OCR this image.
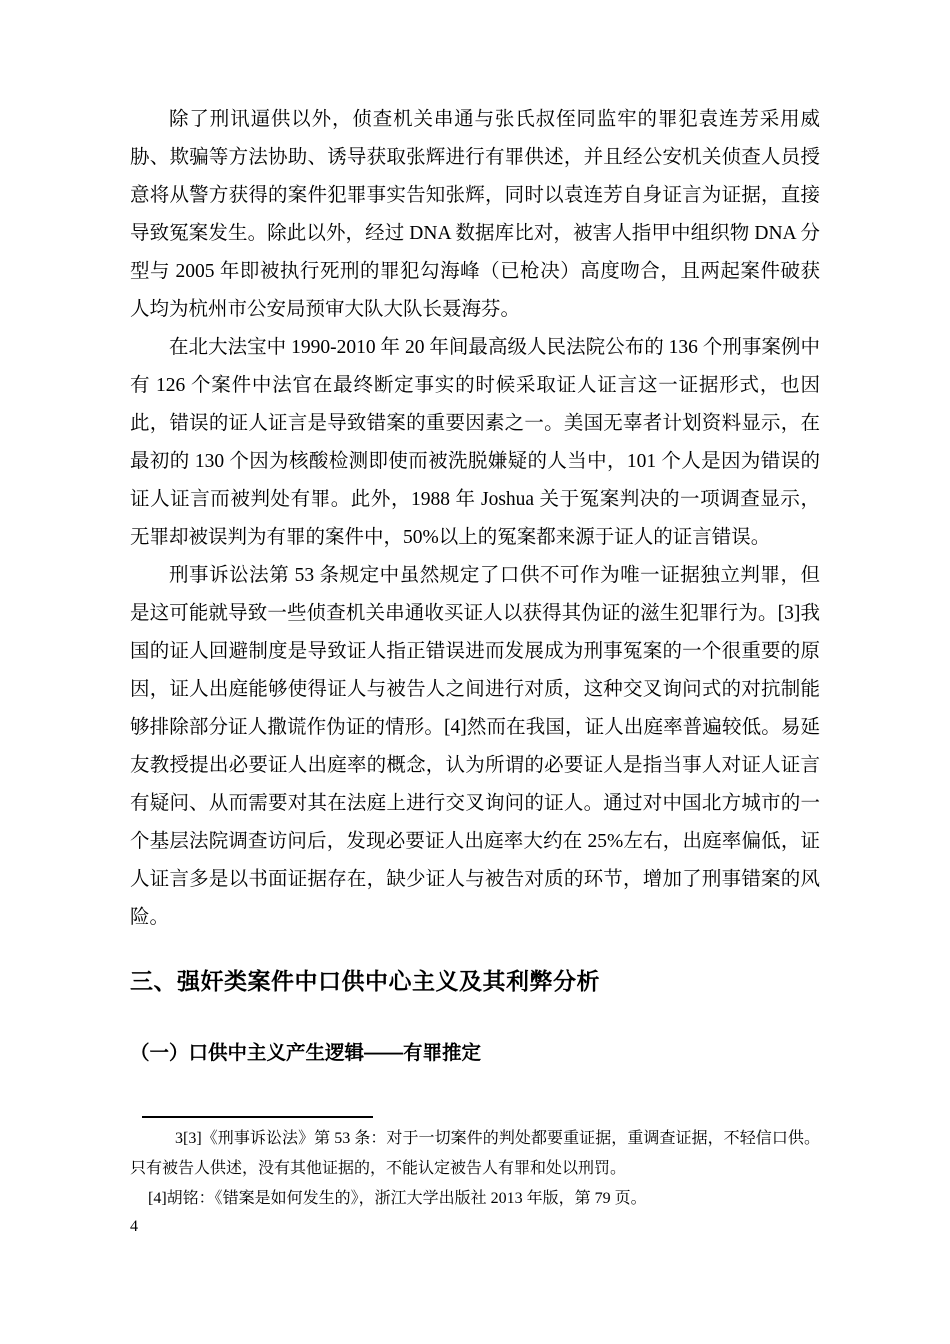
除了刑讯逼供以外，侦查机关串通与张氏叔侄同监牢的罪犯袁连芳采用威胁、欺骗等方法协助、诱导获取张辉进行有罪供述，并且经公安机关侦查人员授意将从警方获得的案件犯罪事实告知张辉，同时以袁连芳自身证言为证据，直接导致冤案发生。除此以外，经过 DNA 数据库比对，被害人指甲中组织物 DNA 分型与 2005 年即被执行死刑的罪犯勾海峰（已枪决）高度吻合，且两起案件破获人均为杭州市公安局预审大队大队长聂海芬。

在北大法宝中 1990-2010 年 20 年间最高级人民法院公布的 136 个刑事案例中有 126 个案件中法官在最终断定事实的时候采取证人证言这一证据形式，也因此，错误的证人证言是导致错案的重要因素之一。美国无辜者计划资料显示，在最初的 130 个因为核酸检测即使而被洗脱嫌疑的人当中，101 个人是因为错误的证人证言而被判处有罪。此外，1988 年 Joshua 关于冤案判决的一项调查显示，无罪却被误判为有罪的案件中，50%以上的冤案都来源于证人的证言错误。

刑事诉讼法第 53 条规定中虽然规定了口供不可作为唯一证据独立判罪，但是这可能就导致一些侦查机关串通收买证人以获得其伪证的滋生犯罪行为。[3]我国的证人回避制度是导致证人指正错误进而发展成为刑事冤案的一个很重要的原因，证人出庭能够使得证人与被告人之间进行对质，这种交叉询问式的对抗制能够排除部分证人撒谎作伪证的情形。[4]然而在我国，证人出庭率普遍较低。易延友教授提出必要证人出庭率的概念，认为所谓的必要证人是指当事人对证人证言有疑问、从而需要对其在法庭上进行交叉询问的证人。通过对中国北方城市的一个基层法院调查访问后，发现必要证人出庭率大约在 25%左右，出庭率偏低，证人证言多是以书面证据存在，缺少证人与被告对质的环节，增加了刑事错案的风险。

三、强奸类案件中口供中心主义及其利弊分析
（一）口供中主义产生逻辑——有罪推定

3[3]《刑事诉讼法》第 53 条：对于一切案件的判处都要重证据，重调查证据，不轻信口供。只有被告人供述，没有其他证据的，不能认定被告人有罪和处以刑罚。

[4]胡铭：《错案是如何发生的》，浙江大学出版社 2013 年版，第 79 页。

4
